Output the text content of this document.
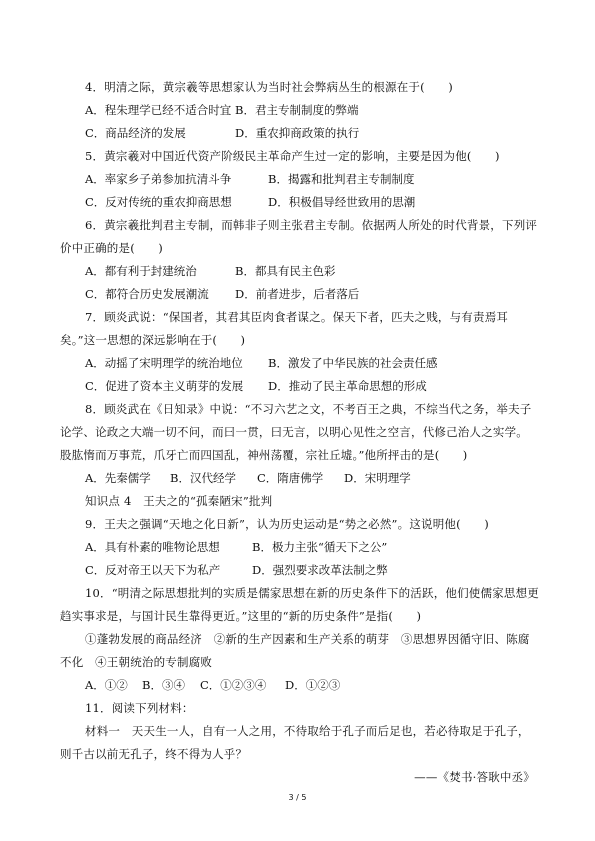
4．明清之际，黄宗羲等思想家认为当时社会弊病丛生的根源在于(　　)
A．程朱理学已经不适合时宜 B．君主专制制度的弊端
C．商品经济的发展	D．重农抑商政策的执行
5．黄宗羲对中国近代资产阶级民主革命产生过一定的影响，主要是因为他(　　)
A．率家乡子弟参加抗清斗争	B．揭露和批判君主专制制度
C．反对传统的重农抑商思想	D．积极倡导经世致用的思潮
6．黄宗羲批判君主专制，而韩非子则主张君主专制。依据两人所处的时代背景，下列评
价中正确的是(　　)
A．都有利于封建统治	B．都具有民主色彩
C．都符合历史发展潮流 D．前者进步，后者落后
7．顾炎武说：“保国者，其君其臣肉食者谋之。保天下者，匹夫之贱，与有责焉耳
矣。”这一思想的深远影响在于(　　)
A．动摇了宋明理学的统治地位 B．激发了中华民族的社会责任感
C．促进了资本主义萌芽的发展 D．推动了民主革命思想的形成
8．顾炎武在《日知录》中说：“不习六艺之文，不考百王之典，不综当代之务，举夫子
论学、论政之大端一切不问，而曰一贯，曰无言，以明心见性之空言，代修己治人之实学。
股肱惰而万事荒，爪牙亡而四国乱，神州荡覆，宗社丘墟。”他所抨击的是(　　)
A．先秦儒学 B．汉代经学 C．隋唐佛学 D．宋明理学
知识点 4　王夫之的“孤秦陋宋”批判
9．王夫之强调“天地之化日新”，认为历史运动是“势之必然”。这说明他(　　)
A．具有朴素的唯物论思想	B．极力主张“循天下之公”
C．反对帝王以天下为私产	D．强烈要求改革法制之弊
10．“明清之际思想批判的实质是儒家思想在新的历史条件下的活跃，他们使儒家思想更
趋实事求是，与国计民生靠得更近。”这里的“新的历史条件”是指(　　)
①蓬勃发展的商品经济　②新的生产因素和生产关系的萌芽　③思想界因循守旧、陈腐
不化　④王朝统治的专制腐败
A．①② B．③④ C．①②③④ D．①②③
11．阅读下列材料：
材料一　天天生一人，自有一人之用，不待取给于孔子而后足也，若必待取足于孔子，
则千古以前无孔子，终不得为人乎？
——《焚书·答耿中丞》
3 / 5
